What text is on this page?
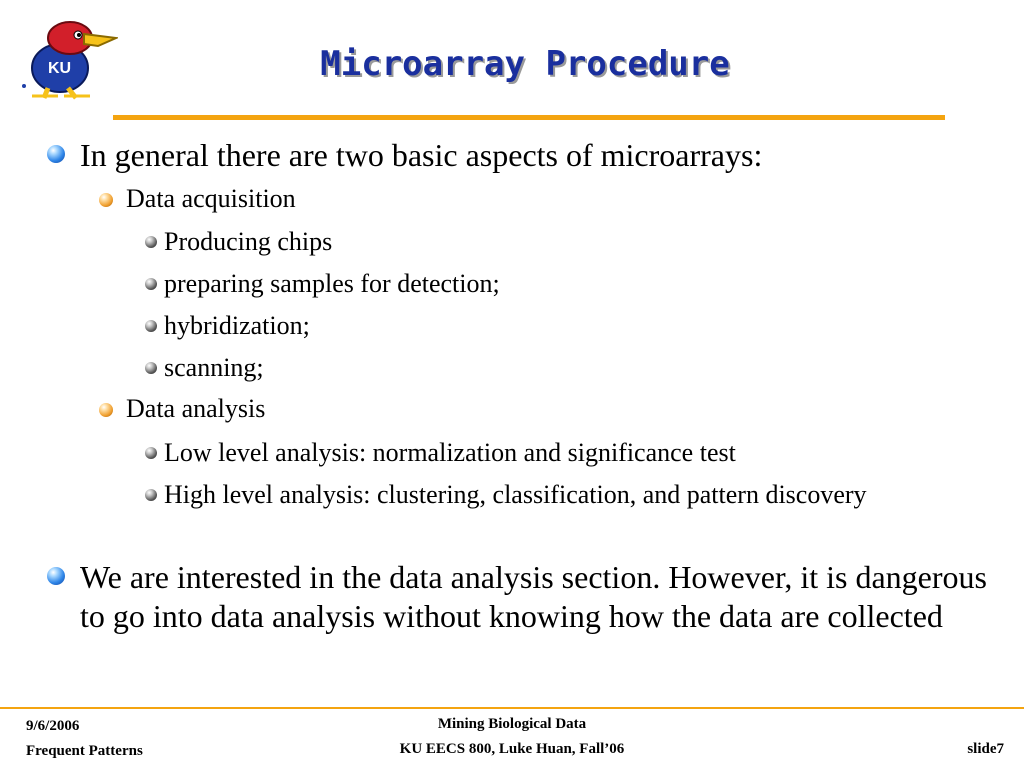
KU	Microarray Procedure
In general there are two basic aspects of microarrays:
Data acquisition
Producing chips
preparing samples for detection;
hybridization;
scanning;
Data analysis
Low level analysis: normalization and significance test
High level analysis: clustering, classification, and pattern discovery
We are interested in the data analysis section. However, it is dangerous to go into data analysis without knowing how the data are collected
9/6/2006
Frequent Patterns
Mining Biological Data
KU EECS 800, Luke Huan, Fall’06	slide7
